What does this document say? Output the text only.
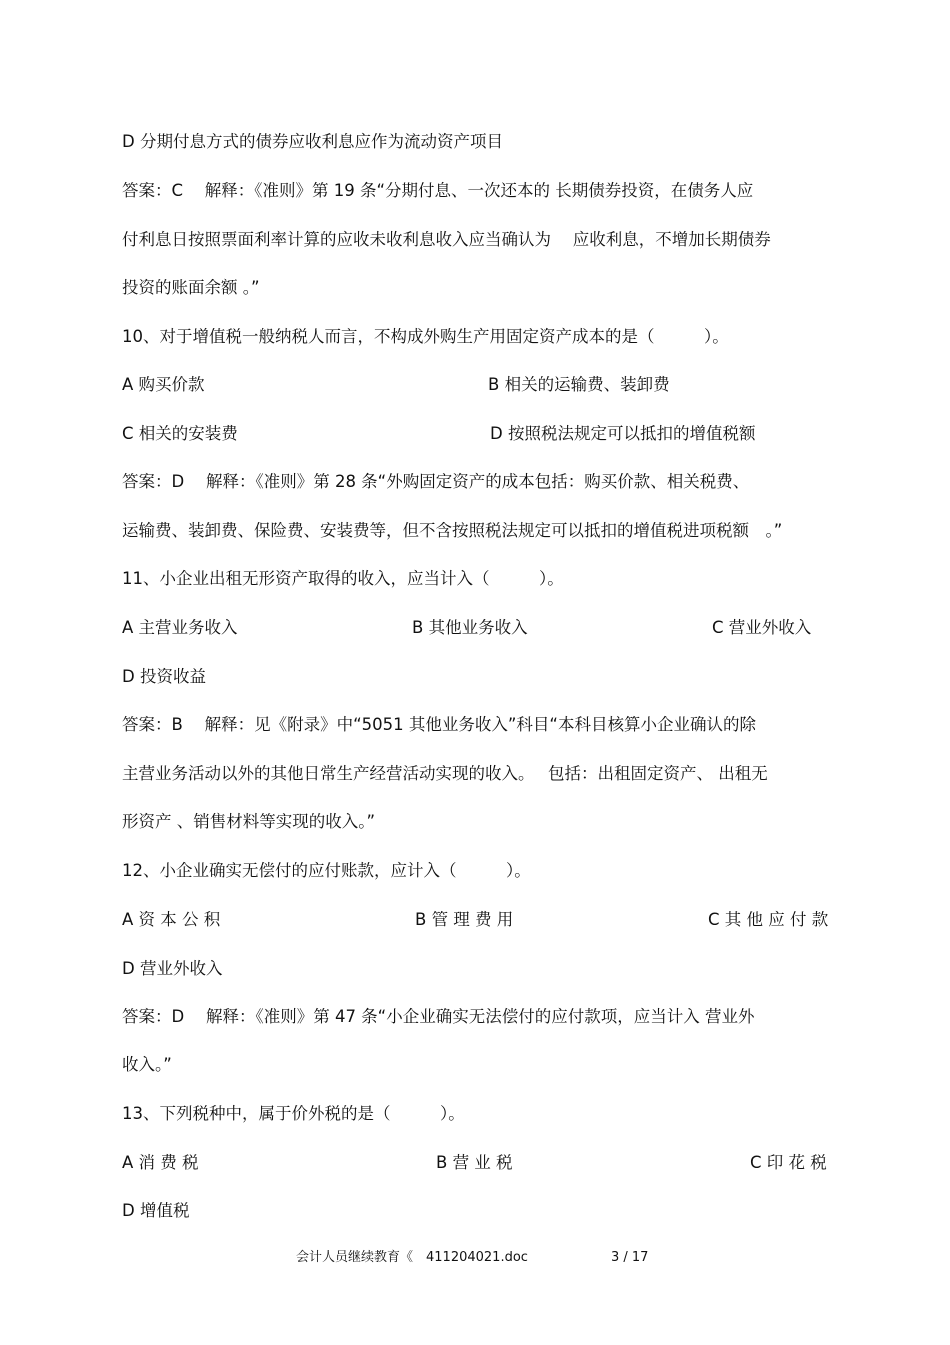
D 分期付息方式的债券应收利息应作为流动资产项目
答案：C　 解释：《准则》第 19 条“分期付息、一次还本的 长期债券投资，在债务人应
付利息日按照票面利率计算的应收未收利息收入应当确认为　 应收利息，不增加长期债券
投资的账面余额 。”
10、对于增值税一般纳税人而言，不构成外购生产用固定资产成本的是（　　　）。
A 购买价款	B 相关的运输费、装卸费
C 相关的安装费	D 按照税法规定可以抵扣的增值税额
答案：D　 解释：《准则》第 28 条“外购固定资产的成本包括：购买价款、相关税费、
运输费、装卸费、保险费、安装费等，但不含按照税法规定可以抵扣的增值税进项税额　。”
11、小企业出租无形资产取得的收入，应当计入（　　　）。
A 主营业务收入	B 其他业务收入	C 营业外收入
D 投资收益
答案：B　 解释：见《附录》中“5051 其他业务收入”科目“本科目核算小企业确认的除
主营业务活动以外的其他日常生产经营活动实现的收入。　 包括：出租固定资产、 出租无
形资产 、销售材料等实现的收入。”
12、小企业确实无偿付的应付账款，应计入（　　　）。
A 资 本 公 积	B 管 理 费 用	C 其 他 应 付 款
D 营业外收入
答案：D　 解释：《准则》第 47 条“小企业确实无法偿付的应付款项，应当计入 营业外
收入。”
13、下列税种中，属于价外税的是（　　　）。
A 消 费 税	B 营 业 税	C 印 花 税
D 增值税
会计人员继续教育《　411204021.doc	3 / 17
